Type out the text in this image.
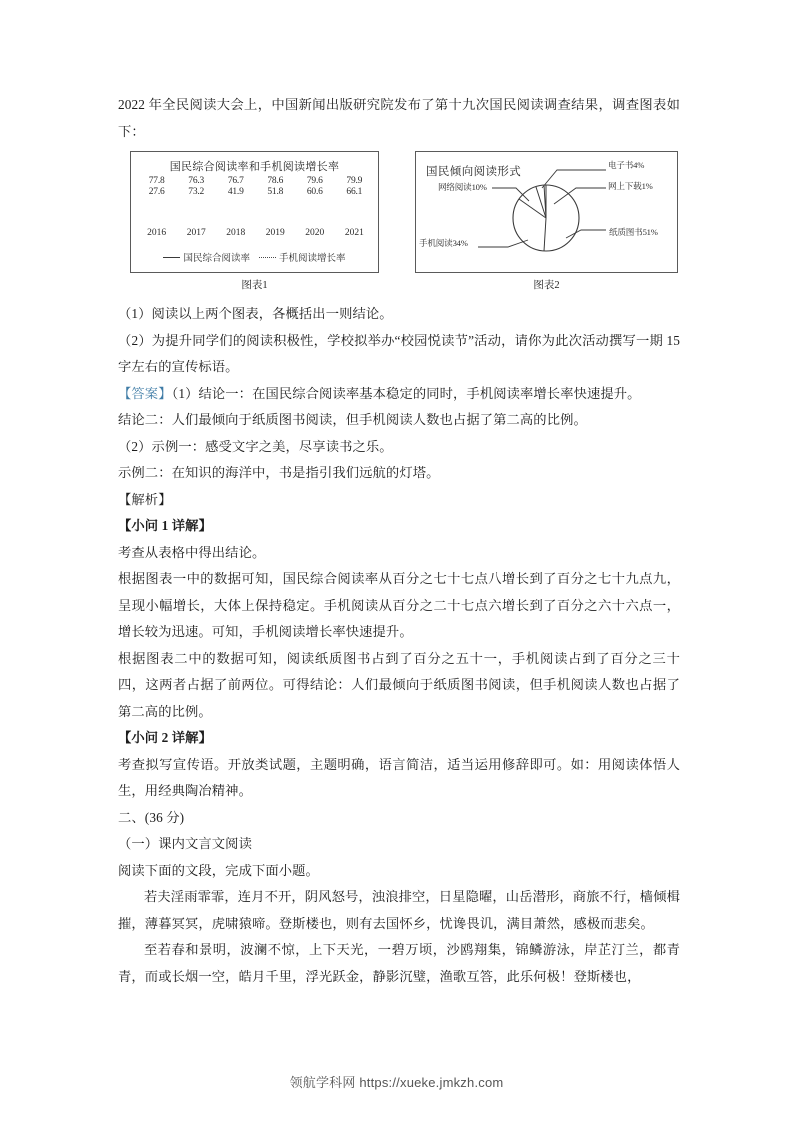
2022 年全民阅读大会上，中国新闻出版研究院发布了第十九次国民阅读调查结果，调查图表如下：

国民综合阅读率和手机阅读增长率
77.8	76.3	76.7	78.6	79.6	79.9
27.6	73.2	41.9	51.8	60.6	66.1
2016	2017	2018	2019	2020	2021
国民综合阅读率	手机阅读增长率
图表1
国民倾向阅读形式
电子书4%
网上下载1%
纸质图书51%
网络阅读10%
手机阅读34%
图表2

（1）阅读以上两个图表，各概括出一则结论。

（2）为提升同学们的阅读积极性，学校拟举办“校园悦读节”活动，请你为此次活动撰写一期 15 字左右的宣传标语。

【答案】（1）结论一：在国民综合阅读率基本稳定的同时，手机阅读率增长率快速提升。

结论二：人们最倾向于纸质图书阅读，但手机阅读人数也占据了第二高的比例。

（2）示例一：感受文字之美，尽享读书之乐。

示例二：在知识的海洋中，书是指引我们远航的灯塔。

【解析】

【小问 1 详解】

考查从表格中得出结论。

根据图表一中的数据可知，国民综合阅读率从百分之七十七点八增长到了百分之七十九点九，呈现小幅增长，大体上保持稳定。手机阅读从百分之二十七点六增长到了百分之六十六点一，增长较为迅速。可知，手机阅读增长率快速提升。

根据图表二中的数据可知，阅读纸质图书占到了百分之五十一，手机阅读占到了百分之三十四，这两者占据了前两位。可得结论：人们最倾向于纸质图书阅读，但手机阅读人数也占据了第二高的比例。

【小问 2 详解】

考查拟写宣传语。开放类试题，主题明确，语言简洁，适当运用修辞即可。如：用阅读体悟人生，用经典陶冶精神。

二、(36 分)

（一）课内文言文阅读

阅读下面的文段，完成下面小题。

若夫淫雨霏霏，连月不开，阴风怒号，浊浪排空，日星隐曜，山岳潜形，商旅不行，樯倾楫摧，薄暮冥冥，虎啸猿啼。登斯楼也，则有去国怀乡，忧谗畏讥，满目萧然，感极而悲矣。

至若春和景明，波澜不惊，上下天光，一碧万顷，沙鸥翔集，锦鳞游泳，岸芷汀兰，都青青，而或长烟一空，皓月千里，浮光跃金，静影沉璧，渔歌互答，此乐何极！登斯楼也，

领航学科网 https://xueke.jmkzh.com
